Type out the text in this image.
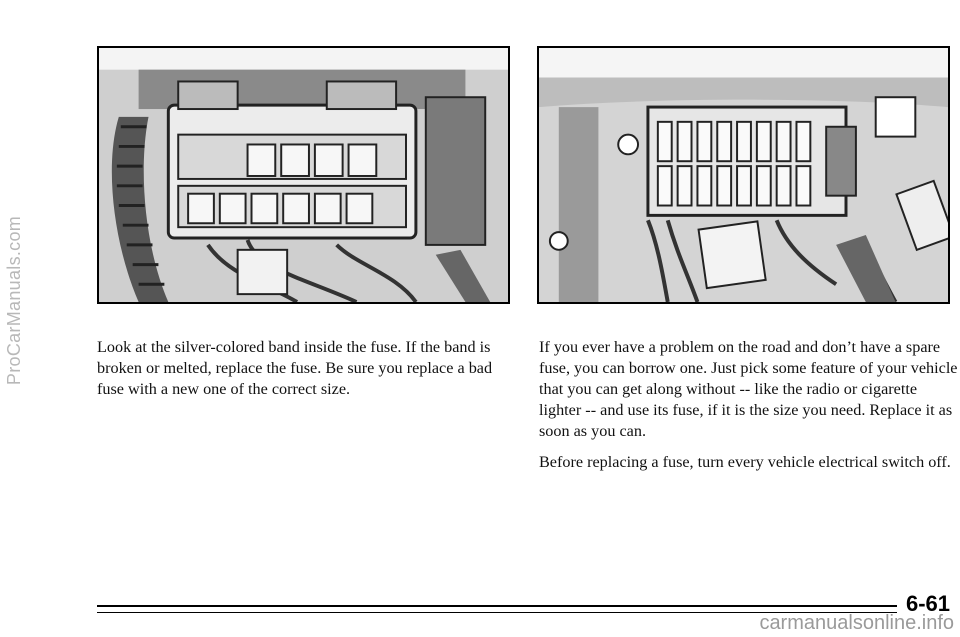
ProCarManuals.com	Look at the silver-colored band inside the fuse. If the band is broken or melted, replace the fuse. Be sure you replace a bad fuse with a new one of the correct size.

If you ever have a problem on the road and don’t have a spare fuse, you can borrow one. Just pick some feature of your vehicle that you can get along without -- like the radio or cigarette lighter -- and use its fuse, if it is the size you need. Replace it as soon as you can.

Before replacing a fuse, turn every vehicle electrical switch off.

6-61
carmanualsonline.info
